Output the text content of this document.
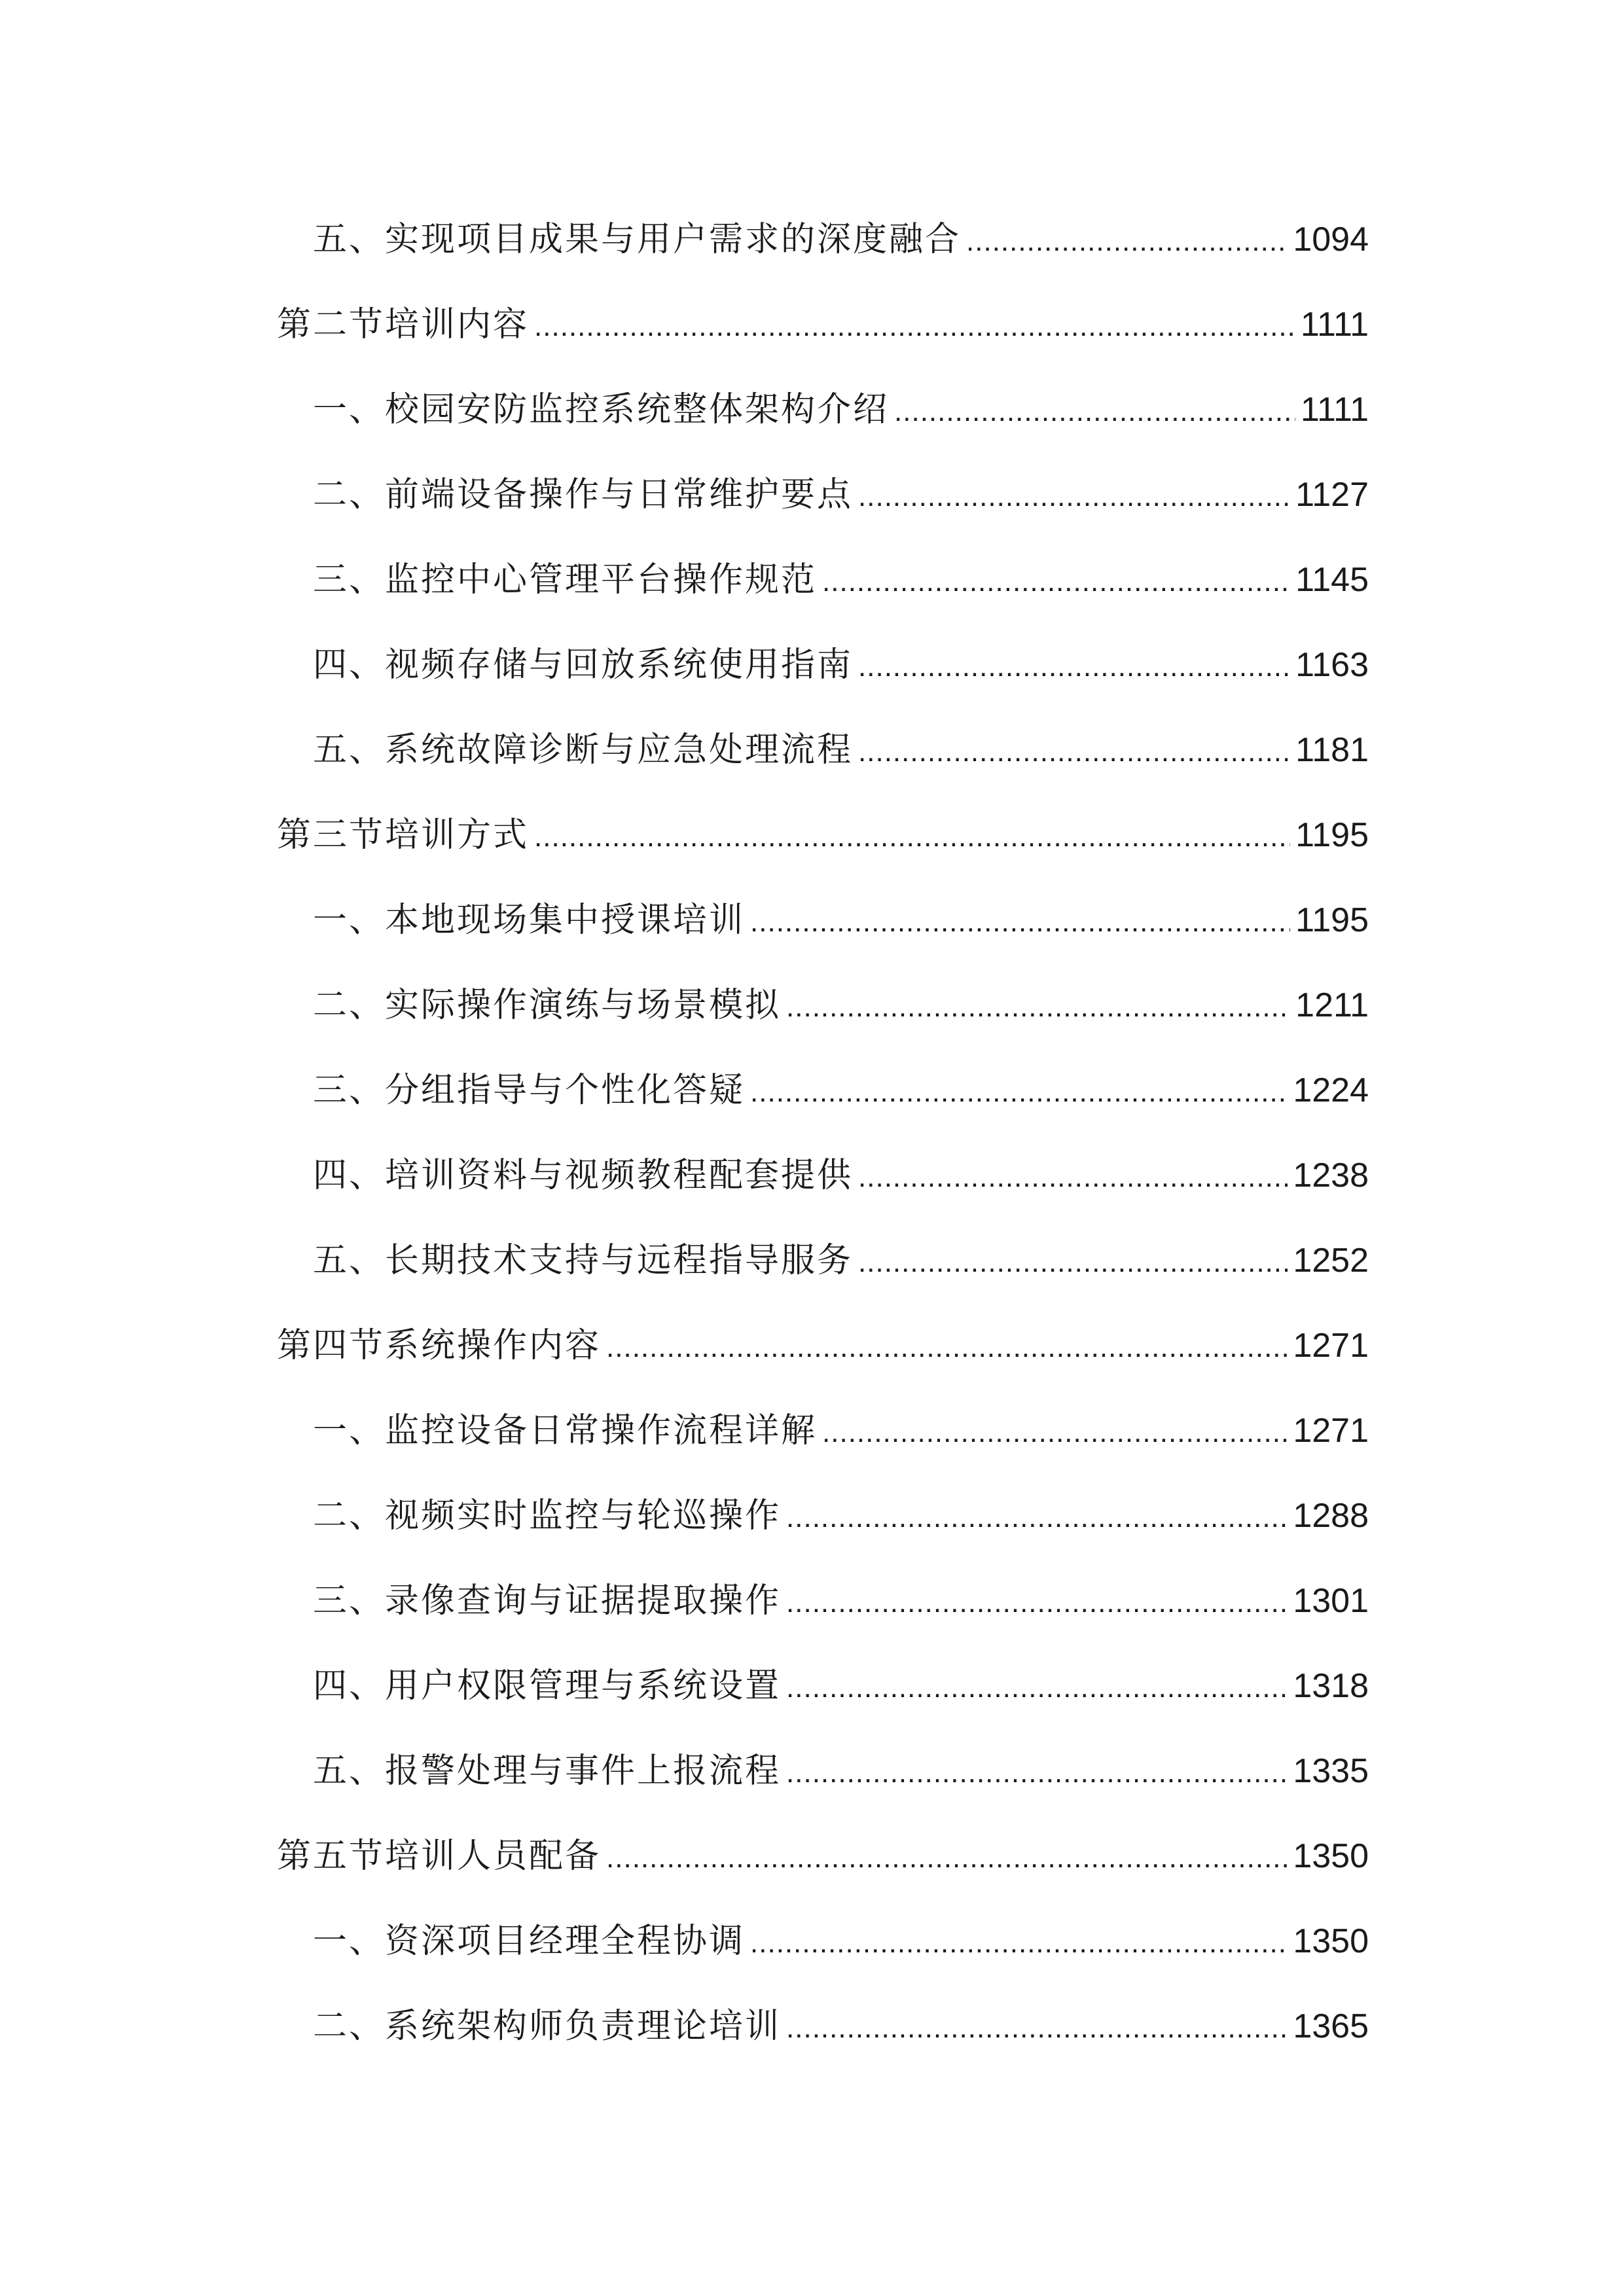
五、实现项目成果与用户需求的深度融合 .....	1094
第二节培训内容 .....	1111
一、校园安防监控系统整体架构介绍 .....	1111
二、前端设备操作与日常维护要点 .....	1127
三、监控中心管理平台操作规范 .....	1145
四、视频存储与回放系统使用指南 .....	1163
五、系统故障诊断与应急处理流程 .....	1181
第三节培训方式 .....	1195
一、本地现场集中授课培训 .....	1195
二、实际操作演练与场景模拟 .....	1211
三、分组指导与个性化答疑 .....	1224
四、培训资料与视频教程配套提供 .....	1238
五、长期技术支持与远程指导服务 .....	1252
第四节系统操作内容 .....	1271
一、监控设备日常操作流程详解 .....	1271
二、视频实时监控与轮巡操作 .....	1288
三、录像查询与证据提取操作 .....	1301
四、用户权限管理与系统设置 .....	1318
五、报警处理与事件上报流程 .....	1335
第五节培训人员配备 .....	1350
一、资深项目经理全程协调 .....	1350
二、系统架构师负责理论培训 .....	1365
